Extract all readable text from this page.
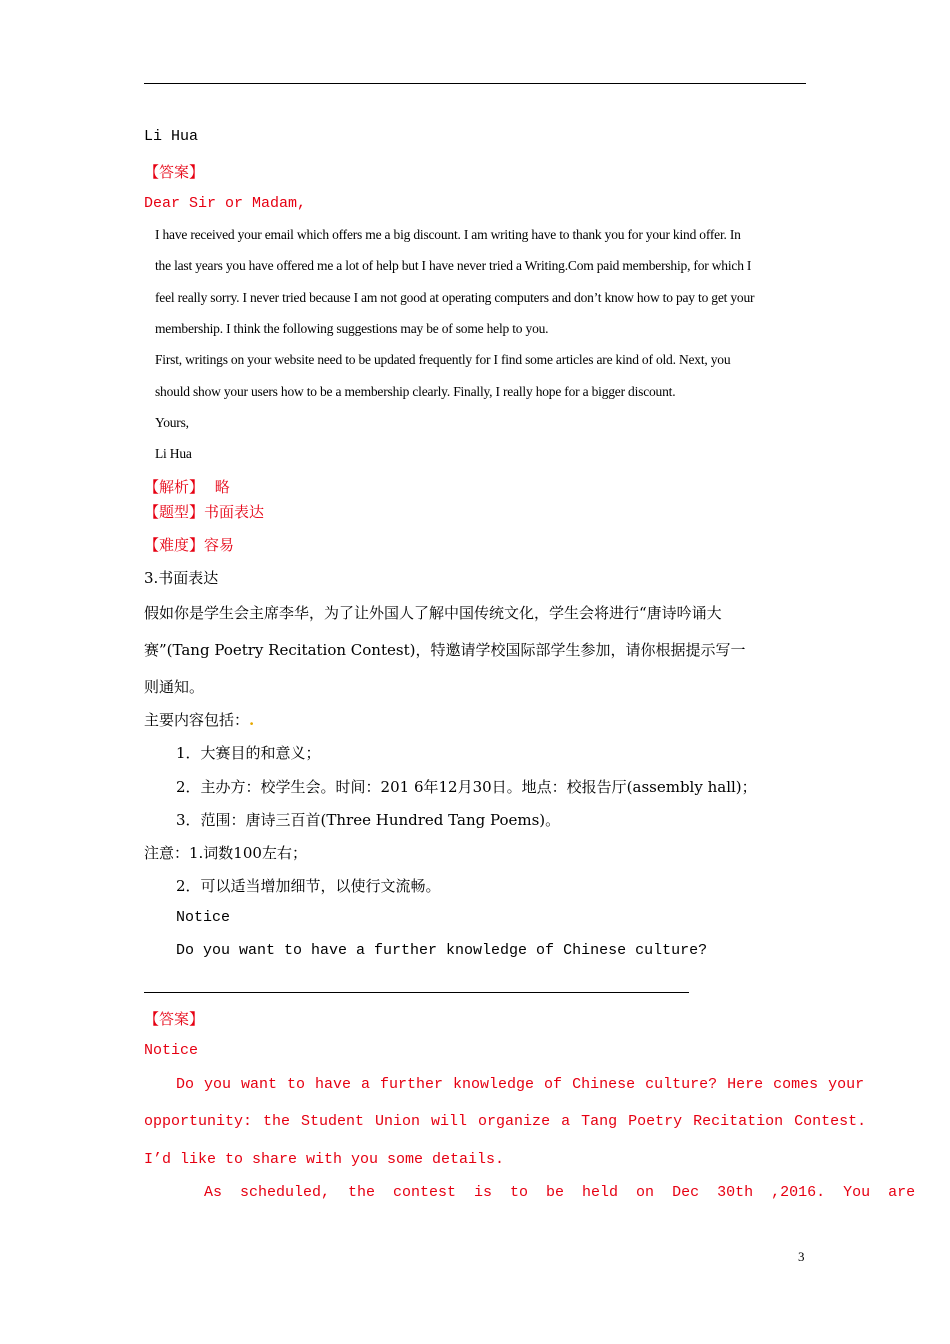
Li Hua
【答案】
Dear Sir or Madam,
I have received your email which offers me a big discount. I am writing have to thank you for your kind offer. In
the last years you have offered me a lot of help but I have never tried a Writing.Com paid membership, for which I
feel really sorry. I never tried because I am not good at operating computers and don’t know how to pay to get your
membership. I think the following suggestions may be of some help to you.
First, writings on your website need to be updated frequently for I find some articles are kind of old. Next, you
should show your users how to be a membership clearly. Finally, I really hope for a bigger discount.
Yours,
Li Hua
【解析】 略
【题型】书面表达
【难度】容易
3.书面表达
假如你是学生会主席李华，为了让外国人了解中国传统文化，学生会将进行“唐诗吟诵大
赛”(Tang Poetry Recitation Contest)，特邀请学校国际部学生参加，请你根据提示写一
则通知。
主要内容包括：.
1．大赛目的和意义；
2．主办方：校学生会。时间：201 6年12月30日。地点：校报告厅(assembly hall)；
3．范围：唐诗三百首(Three Hundred Tang Poems)。
注意：1.词数100左右；
2．可以适当增加细节，以使行文流畅。
Notice
Do you want to have a further knowledge of Chinese culture?
【答案】
Notice
Do you want to have a further knowledge of Chinese culture? Here comes your
opportunity: the Student Union will organize a Tang Poetry Recitation Contest.
I’d like to share with you some details.
As scheduled, the contest is to be held on Dec 30th ,2016. You are
3
